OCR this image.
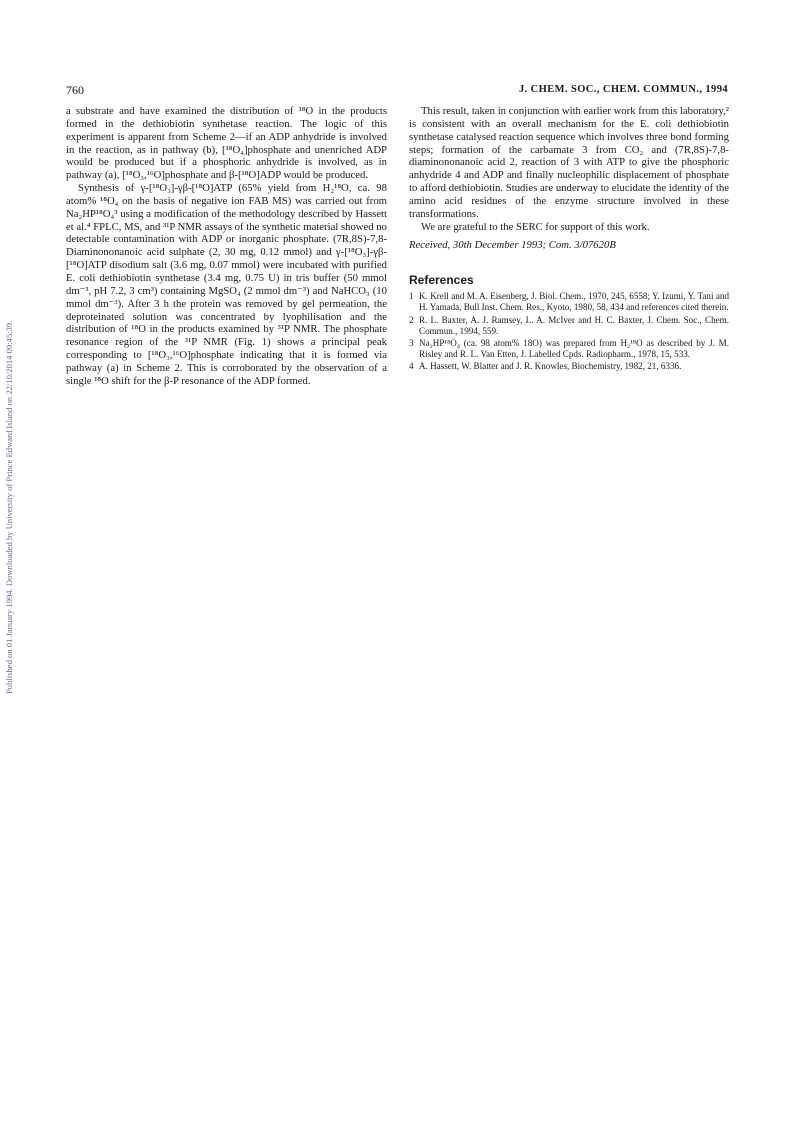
760	J. CHEM. SOC., CHEM. COMMUN., 1994
Published on 01 January 1994. Downloaded by University of Prince Edward Island on 22/10/2014 09:45:39.

a substrate and have examined the distribution of ¹⁸O in the products formed in the dethiobiotin synthetase reaction. The logic of this experiment is apparent from Scheme 2—if an ADP anhydride is involved in the reaction, as in pathway (b), [¹⁸O₄]phosphate and unenriched ADP would be produced but if a phosphoric anhydride is involved, as in pathway (a), [¹⁸O₃,¹⁶O]phosphate and β-[¹⁸O]ADP would be produced.

Synthesis of γ-[¹⁸O₃]-γβ-[¹⁸O]ATP (65% yield from H₂¹⁸O, ca. 98 atom% ¹⁸O₄ on the basis of negative ion FAB MS) was carried out from Na₂HP¹⁸O₄³ using a modification of the methodology described by Hassett et al.⁴ FPLC, MS, and ³¹P NMR assays of the synthetic material showed no detectable contamination with ADP or inorganic phosphate. (7R,8S)-7,8-Diaminononanoic acid sulphate (2, 30 mg, 0.12 mmol) and γ-[¹⁸O₃]-γβ-[¹⁸O]ATP disodium salt (3.6 mg, 0.07 mmol) were incubated with purified E. coli dethiobiotin synthetase (3.4 mg, 0.75 U) in tris buffer (50 mmol dm⁻³, pH 7.2, 3 cm³) containing MgSO₄ (2 mmol dm⁻³) and NaHCO₃ (10 mmol dm⁻³). After 3 h the protein was removed by gel permeation, the deproteinated solution was concentrated by lyophilisation and the distribution of ¹⁸O in the products examined by ³¹P NMR. The phosphate resonance region of the ³¹P NMR (Fig. 1) shows a principal peak corresponding to [¹⁸O₃,¹⁶O]phosphate indicating that it is formed via pathway (a) in Scheme 2. This is corroborated by the observation of a single ¹⁸O shift for the β-P resonance of the ADP formed.

This result, taken in conjunction with earlier work from this laboratory,² is consistent with an overall mechanism for the E. coli dethiobiotin synthetase catalysed reaction sequence which involves three bond forming steps; formation of the carbamate 3 from CO₂ and (7R,8S)-7,8-diaminononanoic acid 2, reaction of 3 with ATP to give the phosphoric anhydride 4 and ADP and finally nucleophilic displacement of phosphate to afford dethiobiotin. Studies are underway to elucidate the identity of the amino acid residues of the enzyme structure involved in these transformations.

We are grateful to the SERC for support of this work.

Received, 30th December 1993; Com. 3/07620B

References
1 K. Krell and M. A. Eisenberg, J. Biol. Chem., 1970, 245, 6558; Y. Izumi, Y. Tani and H. Yamada, Bull Inst. Chem. Res., Kyoto, 1980, 58, 434 and references cited therein.
2 R. L. Baxter, A. J. Ramsey, L. A. McIver and H. C. Baxter, J. Chem. Soc., Chem. Commun., 1994, 559.
3 Na₂HP¹⁸O₄ (ca. 98 atom% 18O) was prepared from H₂¹⁸O as described by J. M. Risley and R. L. Van Etten, J. Labelled Cpds. Radiopharm., 1978, 15, 533.
4 A. Hassett, W. Blatter and J. R. Knowles, Biochemistry, 1982, 21, 6336.
